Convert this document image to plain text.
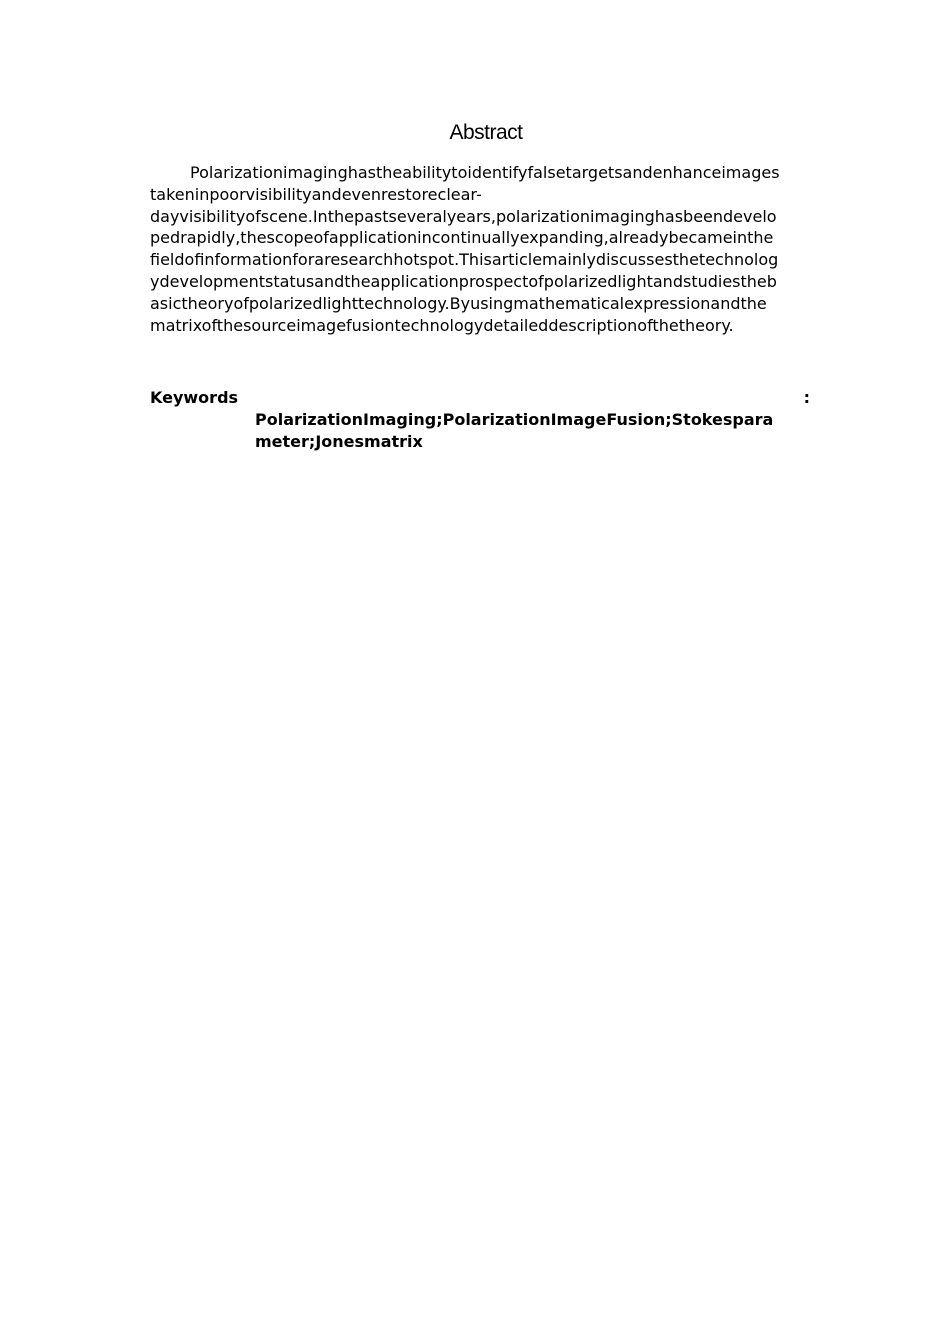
Abstract
Polarizationimaginghastheabilitytoidentifyfalsetargetsandenhanceimages
takeninpoorvisibilityandevenrestoreclear-
dayvisibilityofscene.Inthepastseveralyears,polarizationimaginghasbeendevelo
pedrapidly,thescopeofapplicationincontinuallyexpanding,alreadybecameinthe
fieldofinformationforaresearchhotspot.Thisarticlemainlydiscussesthetechnolog
ydevelopmentstatusandtheapplicationprospectofpolarizedlightandstudiestheb
asictheoryofpolarizedlighttechnology.Byusingmathematicalexpressionandthe
matrixofthesourceimagefusiontechnologydetaileddescriptionofthetheory.
Keywords	:
PolarizationImaging;PolarizationImageFusion;Stokespara
meter;Jonesmatrix
